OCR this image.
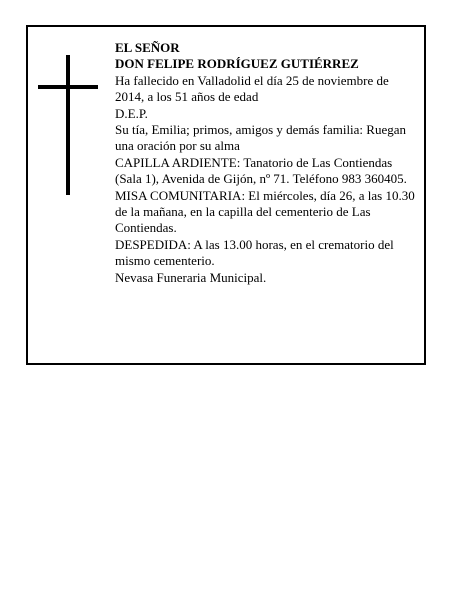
EL SEÑOR

DON FELIPE RODRÍGUEZ GUTIÉRREZ

Ha fallecido en Valladolid el día 25 de noviembre de 2014, a los 51 años de edad

D.E.P.

Su tía, Emilia; primos, amigos y demás familia: Ruegan una oración por su alma

CAPILLA ARDIENTE: Tanatorio de Las Contiendas (Sala 1), Avenida de Gijón, nº 71. Teléfono 983 360405.

MISA COMUNITARIA: El miércoles, día 26, a las 10.30 de la mañana, en la capilla del cementerio de Las Contiendas.

DESPEDIDA: A las 13.00 horas, en el crematorio del mismo cementerio.

Nevasa Funeraria Municipal.
